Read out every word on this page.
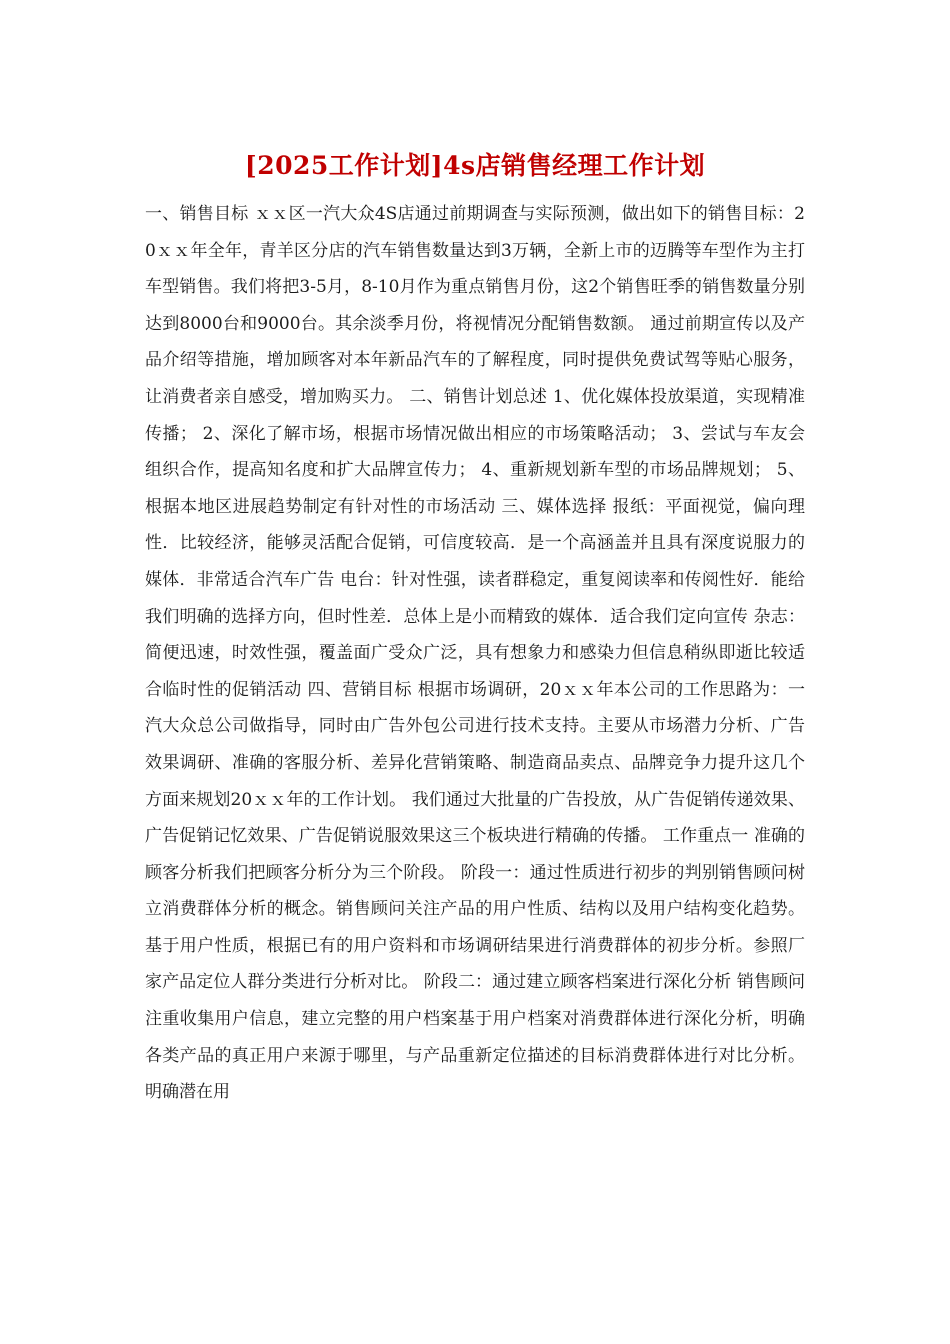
[2025工作计划]4s店销售经理工作计划
一、销售目标 ｘｘ区一汽大众4S店通过前期调查与实际预测，做出如下的销售目标：20ｘｘ年全年，青羊区分店的汽车销售数量达到3万辆，全新上市的迈腾等车型作为主打车型销售。我们将把3-5月，8-10月作为重点销售月份，这2个销售旺季的销售数量分别达到8000台和9000台。其余淡季月份，将视情况分配销售数额。 通过前期宣传以及产品介绍等措施，增加顾客对本年新品汽车的了解程度，同时提供免费试驾等贴心服务，让消费者亲自感受，增加购买力。 二、销售计划总述 1、优化媒体投放渠道，实现精准传播； 2、深化了解市场，根据市场情况做出相应的市场策略活动； 3、尝试与车友会组织合作，提高知名度和扩大品牌宣传力； 4、重新规划新车型的市场品牌规划； 5、根据本地区进展趋势制定有针对性的市场活动 三、媒体选择 报纸：平面视觉，偏向理性．比较经济，能够灵活配合促销，可信度较高．是一个高涵盖并且具有深度说服力的媒体．非常适合汽车广告 电台：针对性强，读者群稳定，重复阅读率和传阅性好．能给我们明确的选择方向，但时性差．总体上是小而精致的媒体．适合我们定向宣传 杂志：简便迅速，时效性强，覆盖面广受众广泛，具有想象力和感染力但信息稍纵即逝比较适合临时性的促销活动 四、营销目标 根据市场调研，20ｘｘ年本公司的工作思路为：一汽大众总公司做指导，同时由广告外包公司进行技术支持。主要从市场潜力分析、广告效果调研、准确的客服分析、差异化营销策略、制造商品卖点、品牌竞争力提升这几个方面来规划20ｘｘ年的工作计划。 我们通过大批量的广告投放，从广告促销传递效果、广告促销记忆效果、广告促销说服效果这三个板块进行精确的传播。 工作重点一 准确的顾客分析我们把顾客分析分为三个阶段。 阶段一：通过性质进行初步的判别销售顾问树立消费群体分析的概念。销售顾问关注产品的用户性质、结构以及用户结构变化趋势。基于用户性质，根据已有的用户资料和市场调研结果进行消费群体的初步分析。参照厂家产品定位人群分类进行分析对比。 阶段二：通过建立顾客档案进行深化分析 销售顾问注重收集用户信息，建立完整的用户档案基于用户档案对消费群体进行深化分析，明确各类产品的真正用户来源于哪里，与产品重新定位描述的目标消费群体进行对比分析。明确潜在用
